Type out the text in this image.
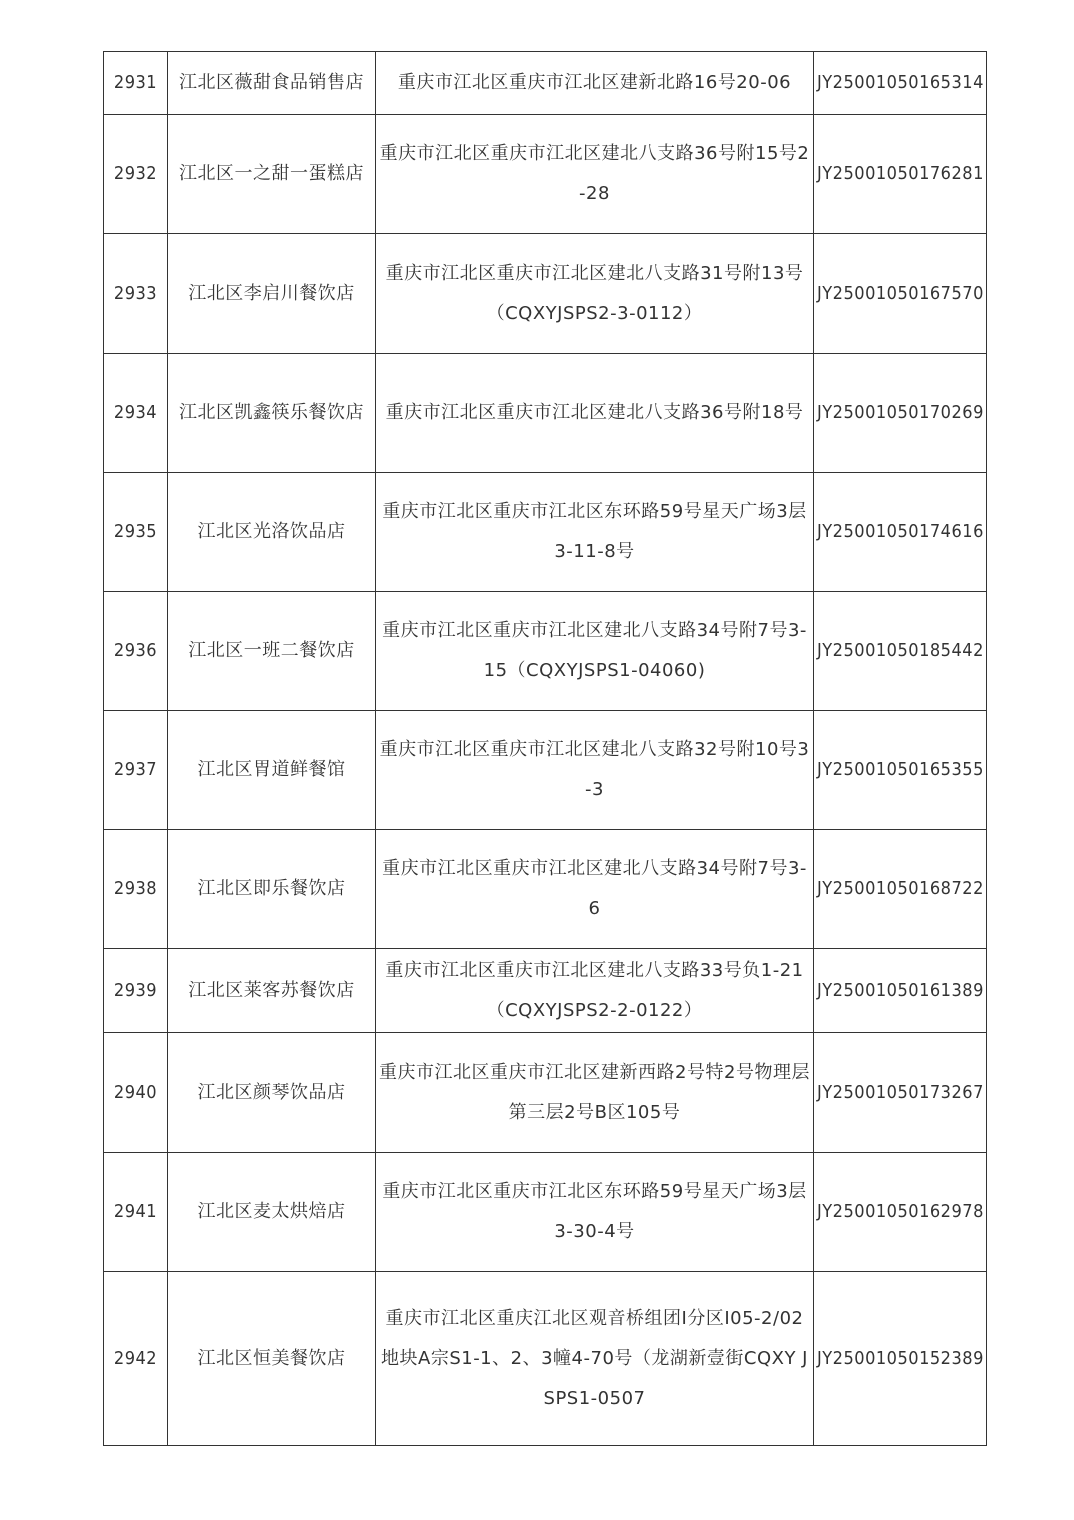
2931	江北区薇甜食品销售店	重庆市江北区重庆市江北区建新北路16号20-06	JY25001050165314
2932	江北区一之甜一蛋糕店	重庆市江北区重庆市江北区建北八支路36号附15号2-28	JY25001050176281
2933	江北区李启川餐饮店	重庆市江北区重庆市江北区建北八支路31号附13号（CQXYJSPS2-3-0112）	JY25001050167570
2934	江北区凯鑫筷乐餐饮店	重庆市江北区重庆市江北区建北八支路36号附18号	JY25001050170269
2935	江北区光洛饮品店	重庆市江北区重庆市江北区东环路59号星天广场3层3-11-8号	JY25001050174616
2936	江北区一班二餐饮店	重庆市江北区重庆市江北区建北八支路34号附7号3-15（CQXYJSPS1-04060)	JY25001050185442
2937	江北区胃道鲜餐馆	重庆市江北区重庆市江北区建北八支路32号附10号3-3	JY25001050165355
2938	江北区即乐餐饮店	重庆市江北区重庆市江北区建北八支路34号附7号3-6	JY25001050168722
2939	江北区莱客苏餐饮店	重庆市江北区重庆市江北区建北八支路33号负1-21（CQXYJSPS2-2-0122）	JY25001050161389
2940	江北区颜琴饮品店	重庆市江北区重庆市江北区建新西路2号特2号物理层第三层2号B区105号	JY25001050173267
2941	江北区麦太烘焙店	重庆市江北区重庆市江北区东环路59号星天广场3层3-30-4号	JY25001050162978
2942	江北区恒美餐饮店	重庆市江北区重庆江北区观音桥组团Ⅰ分区I05-2/02地块A宗S1-1、2、3幢4-70号（龙湖新壹街CQXY JSPS1-0507	JY25001050152389
